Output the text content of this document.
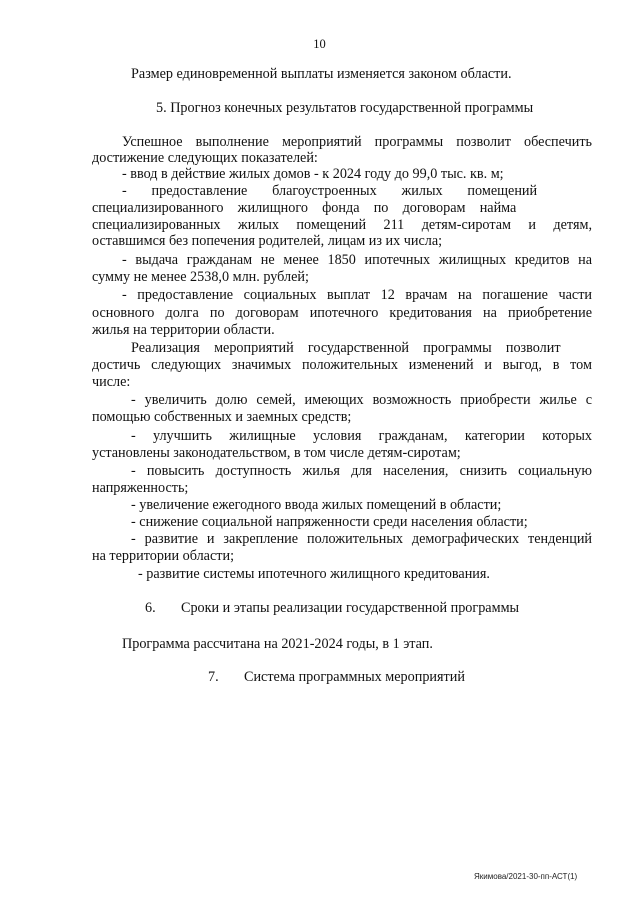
10
Размер единовременной выплаты изменяется законом области.
5. Прогноз конечных результатов государственной программы
Успешное выполнение мероприятий программы позволит обеспечить
достижение следующих показателей:
- ввод в действие жилых домов - к 2024 году до 99,0 тыс. кв. м;
-       предоставление       благоустроенных       жилых       помещений
специализированного    жилищного    фонда    по    договорам    найма
специализированных жилых помещений 211 детям-сиротам и детям,
оставшимся без попечения родителей, лицам из их числа;
- выдача гражданам не менее 1850 ипотечных жилищных кредитов на
сумму не менее 2538,0 млн. рублей;
- предоставление социальных выплат 12 врачам на погашение части
основного долга по договорам ипотечного кредитования на приобретение
жилья на территории области.
Реализация    мероприятий    государственной    программы    позволит
достичь следующих значимых положительных изменений и выгод, в том
числе:
- увеличить долю семей, имеющих возможность приобрести жилье с
помощью собственных и заемных средств;
- улучшить жилищные условия гражданам, категории которых
установлены законодательством, в том числе детям-сиротам;
- повысить доступность жилья для населения, снизить социальную
напряженность;
- увеличение ежегодного ввода жилых помещений в области;
- снижение социальной напряженности среди населения области;
- развитие и закрепление положительных демографических тенденций
на территории области;
- развитие системы ипотечного жилищного кредитования.
6. Сроки и этапы реализации государственной программы
Программа рассчитана на 2021-2024 годы, в 1 этап.
7. Система программных мероприятий
Якимова/2021-30-пп-АСТ(1)
